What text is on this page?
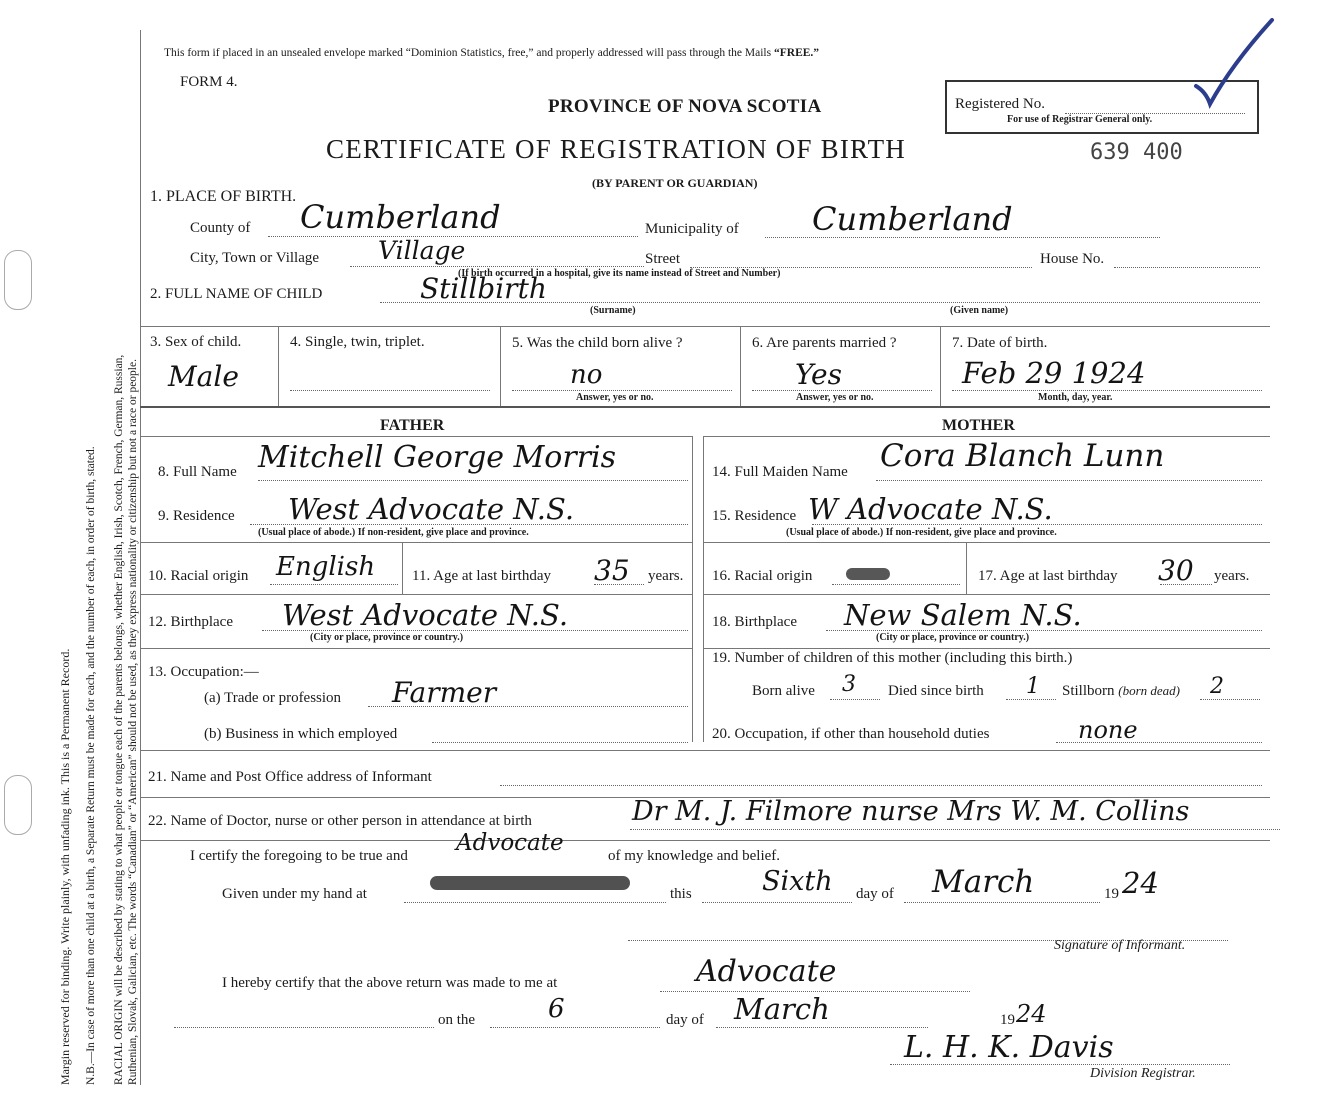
Margin reserved for binding. Write plainly, with unfading ink. This is a Permanent Record. N.B.—In case of more than one child at a birth, a Separate Return must be made for each, and the number of each, in order of birth, stated. RACIAL ORIGIN will be described by stating to what people or tongue each of the parents belongs, whether English, Irish, Scotch, French, German, Russian, Ruthenian, Slovak, Galician, etc. The words “Canadian” or “American” should not be used, as they express nationality or citizenship but not a race or people.
This form if placed in an unsealed envelope marked “Dominion Statistics, free,” and properly addressed will pass through the Mails “FREE.”
FORM 4.
PROVINCE OF NOVA SCOTIA	Registered No.
For use of Registrar General only.
CERTIFICATE OF REGISTRATION OF BIRTH	639 400
(BY PARENT OR GUARDIAN)
1. PLACE OF BIRTH.
County of Cumberland	Municipality of Cumberland
City, Town or Village Village	Street	House No.
(If birth occurred in a hospital, give its name instead of Street and Number)
2. FULL NAME OF CHILD	Stillbirth
(Surname)	(Given name)
3. Sex of child.
Male
4. Single, twin, triplet.	5. Was the child born alive ?
no
Answer, yes or no.
6. Are parents married ?
Yes
Answer, yes or no.
7. Date of birth.
Feb 29 1924
Month, day, year.
FATHER	MOTHER
8. Full Name Mitchell George Morris
9. Residence West Advocate N.S.
(Usual place of abode.) If non-resident, give place and province.
10. Racial origin English 11. Age at last birthday 35 years.
12. Birthplace West Advocate N.S.
(City or place, province or country.)
13. Occupation:—
(a) Trade or profession Farmer
(b) Business in which employed
14. Full Maiden Name Cora Blanch Lunn
15. Residence W Advocate N.S.
(Usual place of abode.) If non-resident, give place and province.
16. Racial origin	17. Age at last birthday 30 years.
18. Birthplace New Salem N.S.
(City or place, province or country.)
19. Number of children of this mother (including this birth.)
Born alive 3 Died since birth 1 Stillborn (born dead) 2
20. Occupation, if other than household duties	none
21. Name and Post Office address of Informant
22. Name of Doctor, nurse or other person in attendance at birth	Dr M. J. Filmore nurse Mrs W. M. Collins
I certify the foregoing to be true and	of my knowledge and belief.
Advocate
Given under my hand at	this	Sixth day of March	19 24
Signature of Informant.
I hereby certify that the above return was made to me at	Advocate
on the	6	day of March	19 24
L. H. K. Davis
Division Registrar.
